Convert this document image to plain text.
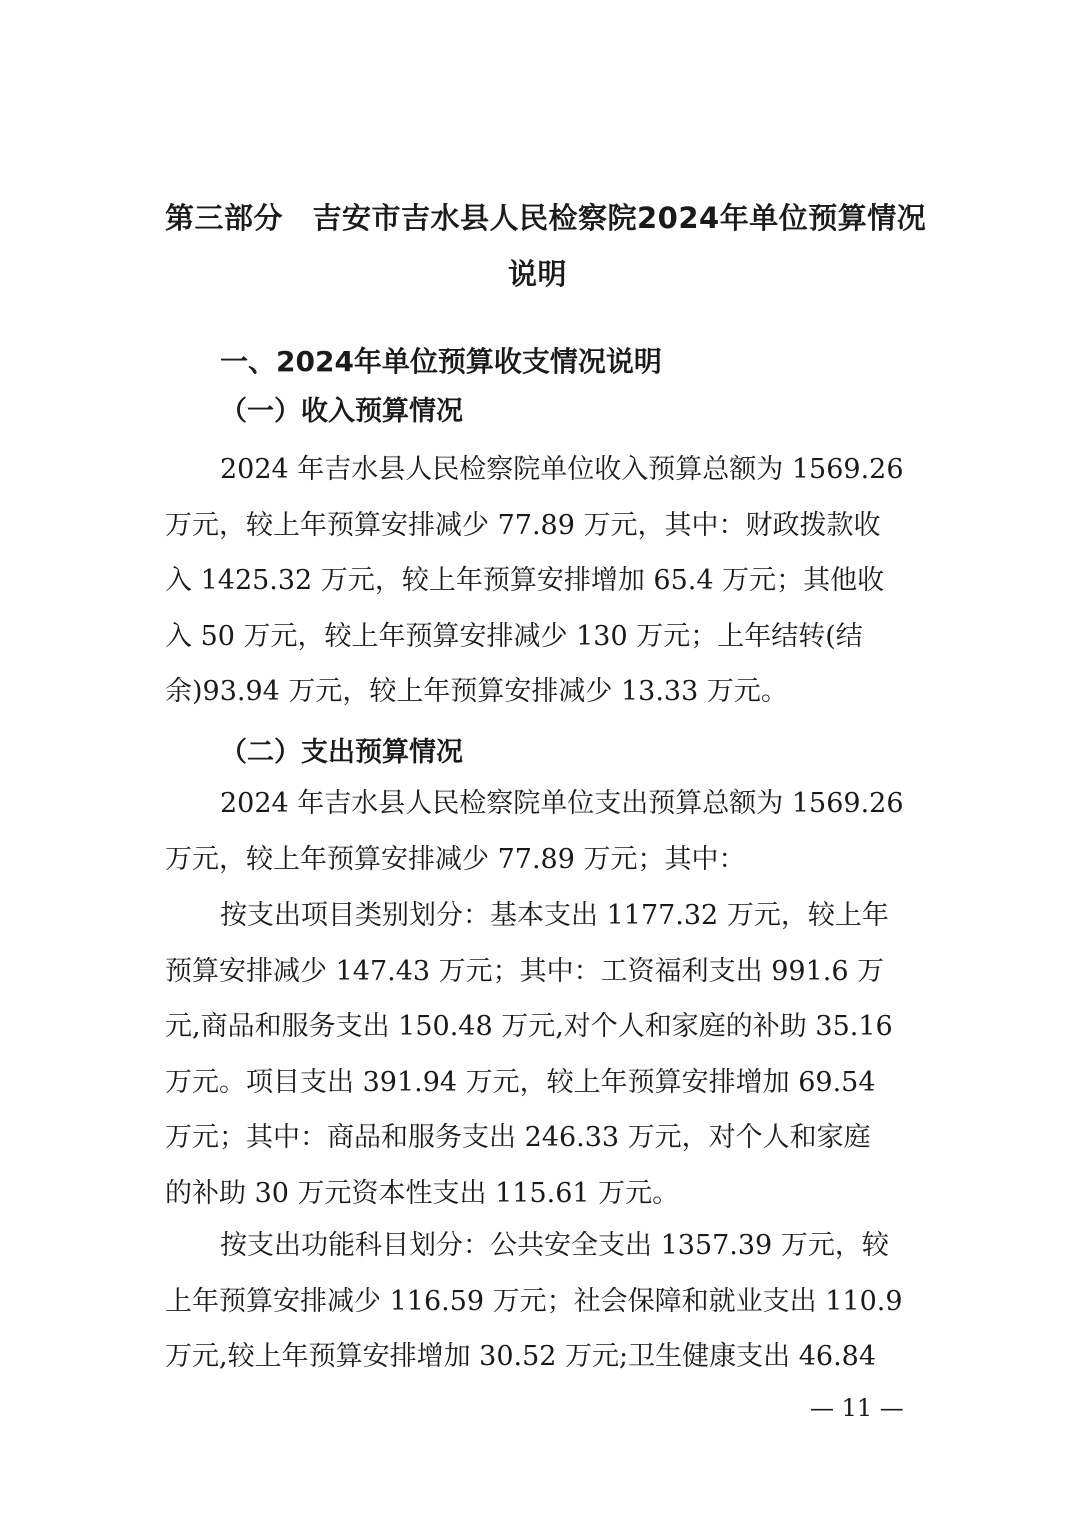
第三部分　吉安市吉水县人民检察院2024年单位预算情况
说明
一、2024年单位预算收支情况说明
（一）收入预算情况
2024 年吉水县人民检察院单位收入预算总额为 1569.26
万元，较上年预算安排减少 77.89 万元，其中：财政拨款收
入 1425.32 万元，较上年预算安排增加 65.4 万元；其他收
入 50 万元，较上年预算安排减少 130 万元；上年结转(结
余)93.94 万元，较上年预算安排减少 13.33 万元。
（二）支出预算情况
2024 年吉水县人民检察院单位支出预算总额为 1569.26
万元，较上年预算安排减少 77.89 万元；其中：
按支出项目类别划分：基本支出 1177.32 万元，较上年
预算安排减少 147.43 万元；其中：工资福利支出 991.6 万
元,商品和服务支出 150.48 万元,对个人和家庭的补助 35.16
万元。项目支出 391.94 万元，较上年预算安排增加 69.54
万元；其中：商品和服务支出 246.33 万元，对个人和家庭
的补助 30 万元资本性支出 115.61 万元。
按支出功能科目划分：公共安全支出 1357.39 万元，较
上年预算安排减少 116.59 万元；社会保障和就业支出 110.9
万元,较上年预算安排增加 30.52 万元;卫生健康支出 46.84
— 11 —
